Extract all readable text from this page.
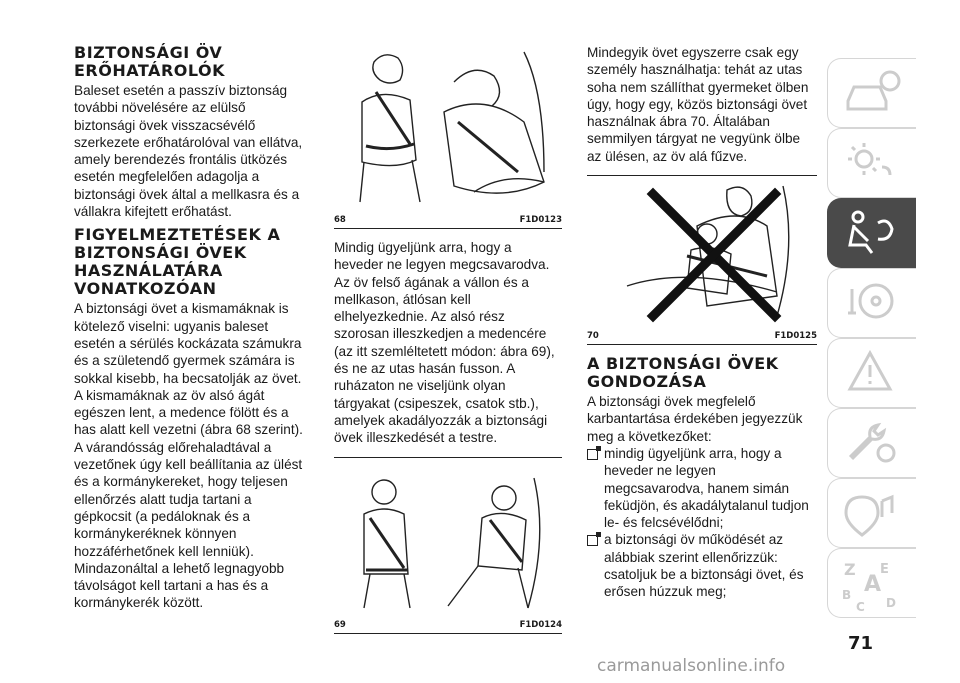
BIZTONSÁGI ÖV ERŐHATÁROLÓK

Baleset esetén a passzív biztonság további növelésére az elülső biztonsági övek visszacsévélő szerkezete erőhatárolóval van ellátva, amely berendezés frontális ütközés esetén megfelelően adagolja a biztonsági övek által a mellkasra és a vállakra kifejtett erőhatást.

FIGYELMEZTETÉSEK A BIZTONSÁGI ÖVEK HASZNÁLATÁRA VONATKOZÓAN

A biztonsági övet a kismamáknak is kötelező viselni: ugyanis baleset esetén a sérülés kockázata számukra és a születendő gyermek számára is sokkal kisebb, ha becsatolják az övet. A kismamáknak az öv alsó ágát egészen lent, a medence fölött és a has alatt kell vezetni (ábra 68 szerint). A várandósság előrehaladtával a vezetőnek úgy kell beállítania az ülést és a kormánykereket, hogy teljesen ellenőrzés alatt tudja tartani a gépkocsit (a pedáloknak és a kormánykeréknek könnyen hozzáférhetőnek kell lenniük). Mindazonáltal a lehető legnagyobb távolságot kell tartani a has és a kormánykerék között.

68	F1D0123

Mindig ügyeljünk arra, hogy a heveder ne legyen megcsavarodva. Az öv felső ágának a vállon és a mellkason, átlósan kell elhelyezkednie. Az alsó rész szorosan illeszkedjen a medencére (az itt szemléltetett módon: ábra 69), és ne az utas hasán fusson. A ruházaton ne viseljünk olyan tárgyakat (csipeszek, csatok stb.), amelyek akadályozzák a biztonsági övek illeszkedését a testre.

69	F1D0124

Mindegyik övet egyszerre csak egy személy használhatja: tehát az utas soha nem szállíthat gyermeket ölben úgy, hogy egy, közös biztonsági övet használnak ábra 70. Általában semmilyen tárgyat ne vegyünk ölbe az ülésen, az öv alá fűzve.

70	F1D0125
A BIZTONSÁGI ÖVEK GONDOZÁSA

A biztonsági övek megfelelő karbantartása érdekében jegyezzük meg a következőket:

mindig ügyeljünk arra, hogy a heveder ne legyen megcsavarodva, hanem simán feküdjön, és akadálytalanul tudjon le- és felcsévélődni;

a biztonsági öv működését az alábbiak szerint ellenőrizzük: csatoljuk be a biztonsági övet, és erősen húzzuk meg;

Z E
A
B
C D
71
carmanualsonline.info
